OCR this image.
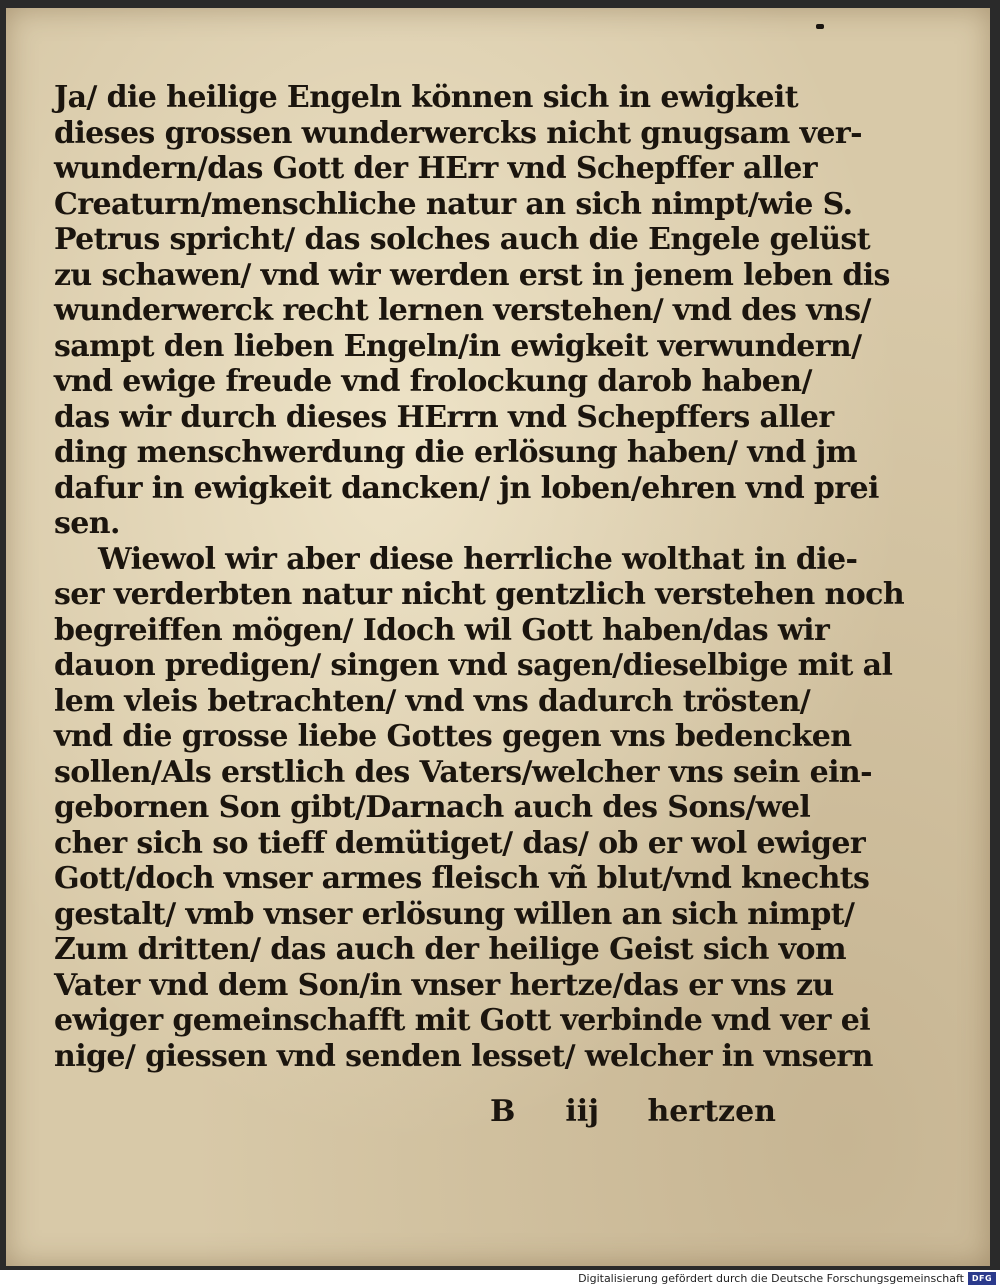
Ja/ die heilige Engeln können sich in ewigkeit
dieses grossen wunderwercks nicht gnugsam ver-
wundern/das Gott der HErr vnd Schepffer aller
Creaturn/menschliche natur an sich nimpt/wie S.
Petrus spricht/ das solches auch die Engele gelüst
zu schawen/ vnd wir werden erst in jenem leben dis
wunderwerck recht lernen verstehen/ vnd des vns/
sampt den lieben Engeln/in ewigkeit verwundern/
vnd ewige freude vnd frolockung darob haben/
das wir durch dieses HErrn vnd Schepffers aller
ding menschwerdung die erlösung haben/ vnd jm
dafur in ewigkeit dancken/ jn loben/ehren vnd prei
sen.
Wiewol wir aber diese herrliche wolthat in die-
ser verderbten natur nicht gentzlich verstehen noch
begreiffen mögen/ Idoch wil Gott haben/das wir
dauon predigen/ singen vnd sagen/dieselbige mit al
lem vleis betrachten/ vnd vns dadurch trösten/
vnd die grosse liebe Gottes gegen vns bedencken
sollen/Als erstlich des Vaters/welcher vns sein ein-
gebornen Son gibt/Darnach auch des Sons/wel
cher sich so tieff demütiget/ das/ ob er wol ewiger
Gott/doch vnser armes fleisch vñ blut/vnd knechts
gestalt/ vmb vnser erlösung willen an sich nimpt/
Zum dritten/ das auch der heilige Geist sich vom
Vater vnd dem Son/in vnser hertze/das er vns zu
ewiger gemeinschafft mit Gott verbinde vnd ver ei
nige/ giessen vnd senden lesset/ welcher in vnsern
B iij hertzen
Digitalisierung gefördert durch die Deutsche Forschungsgemeinschaft DFG
